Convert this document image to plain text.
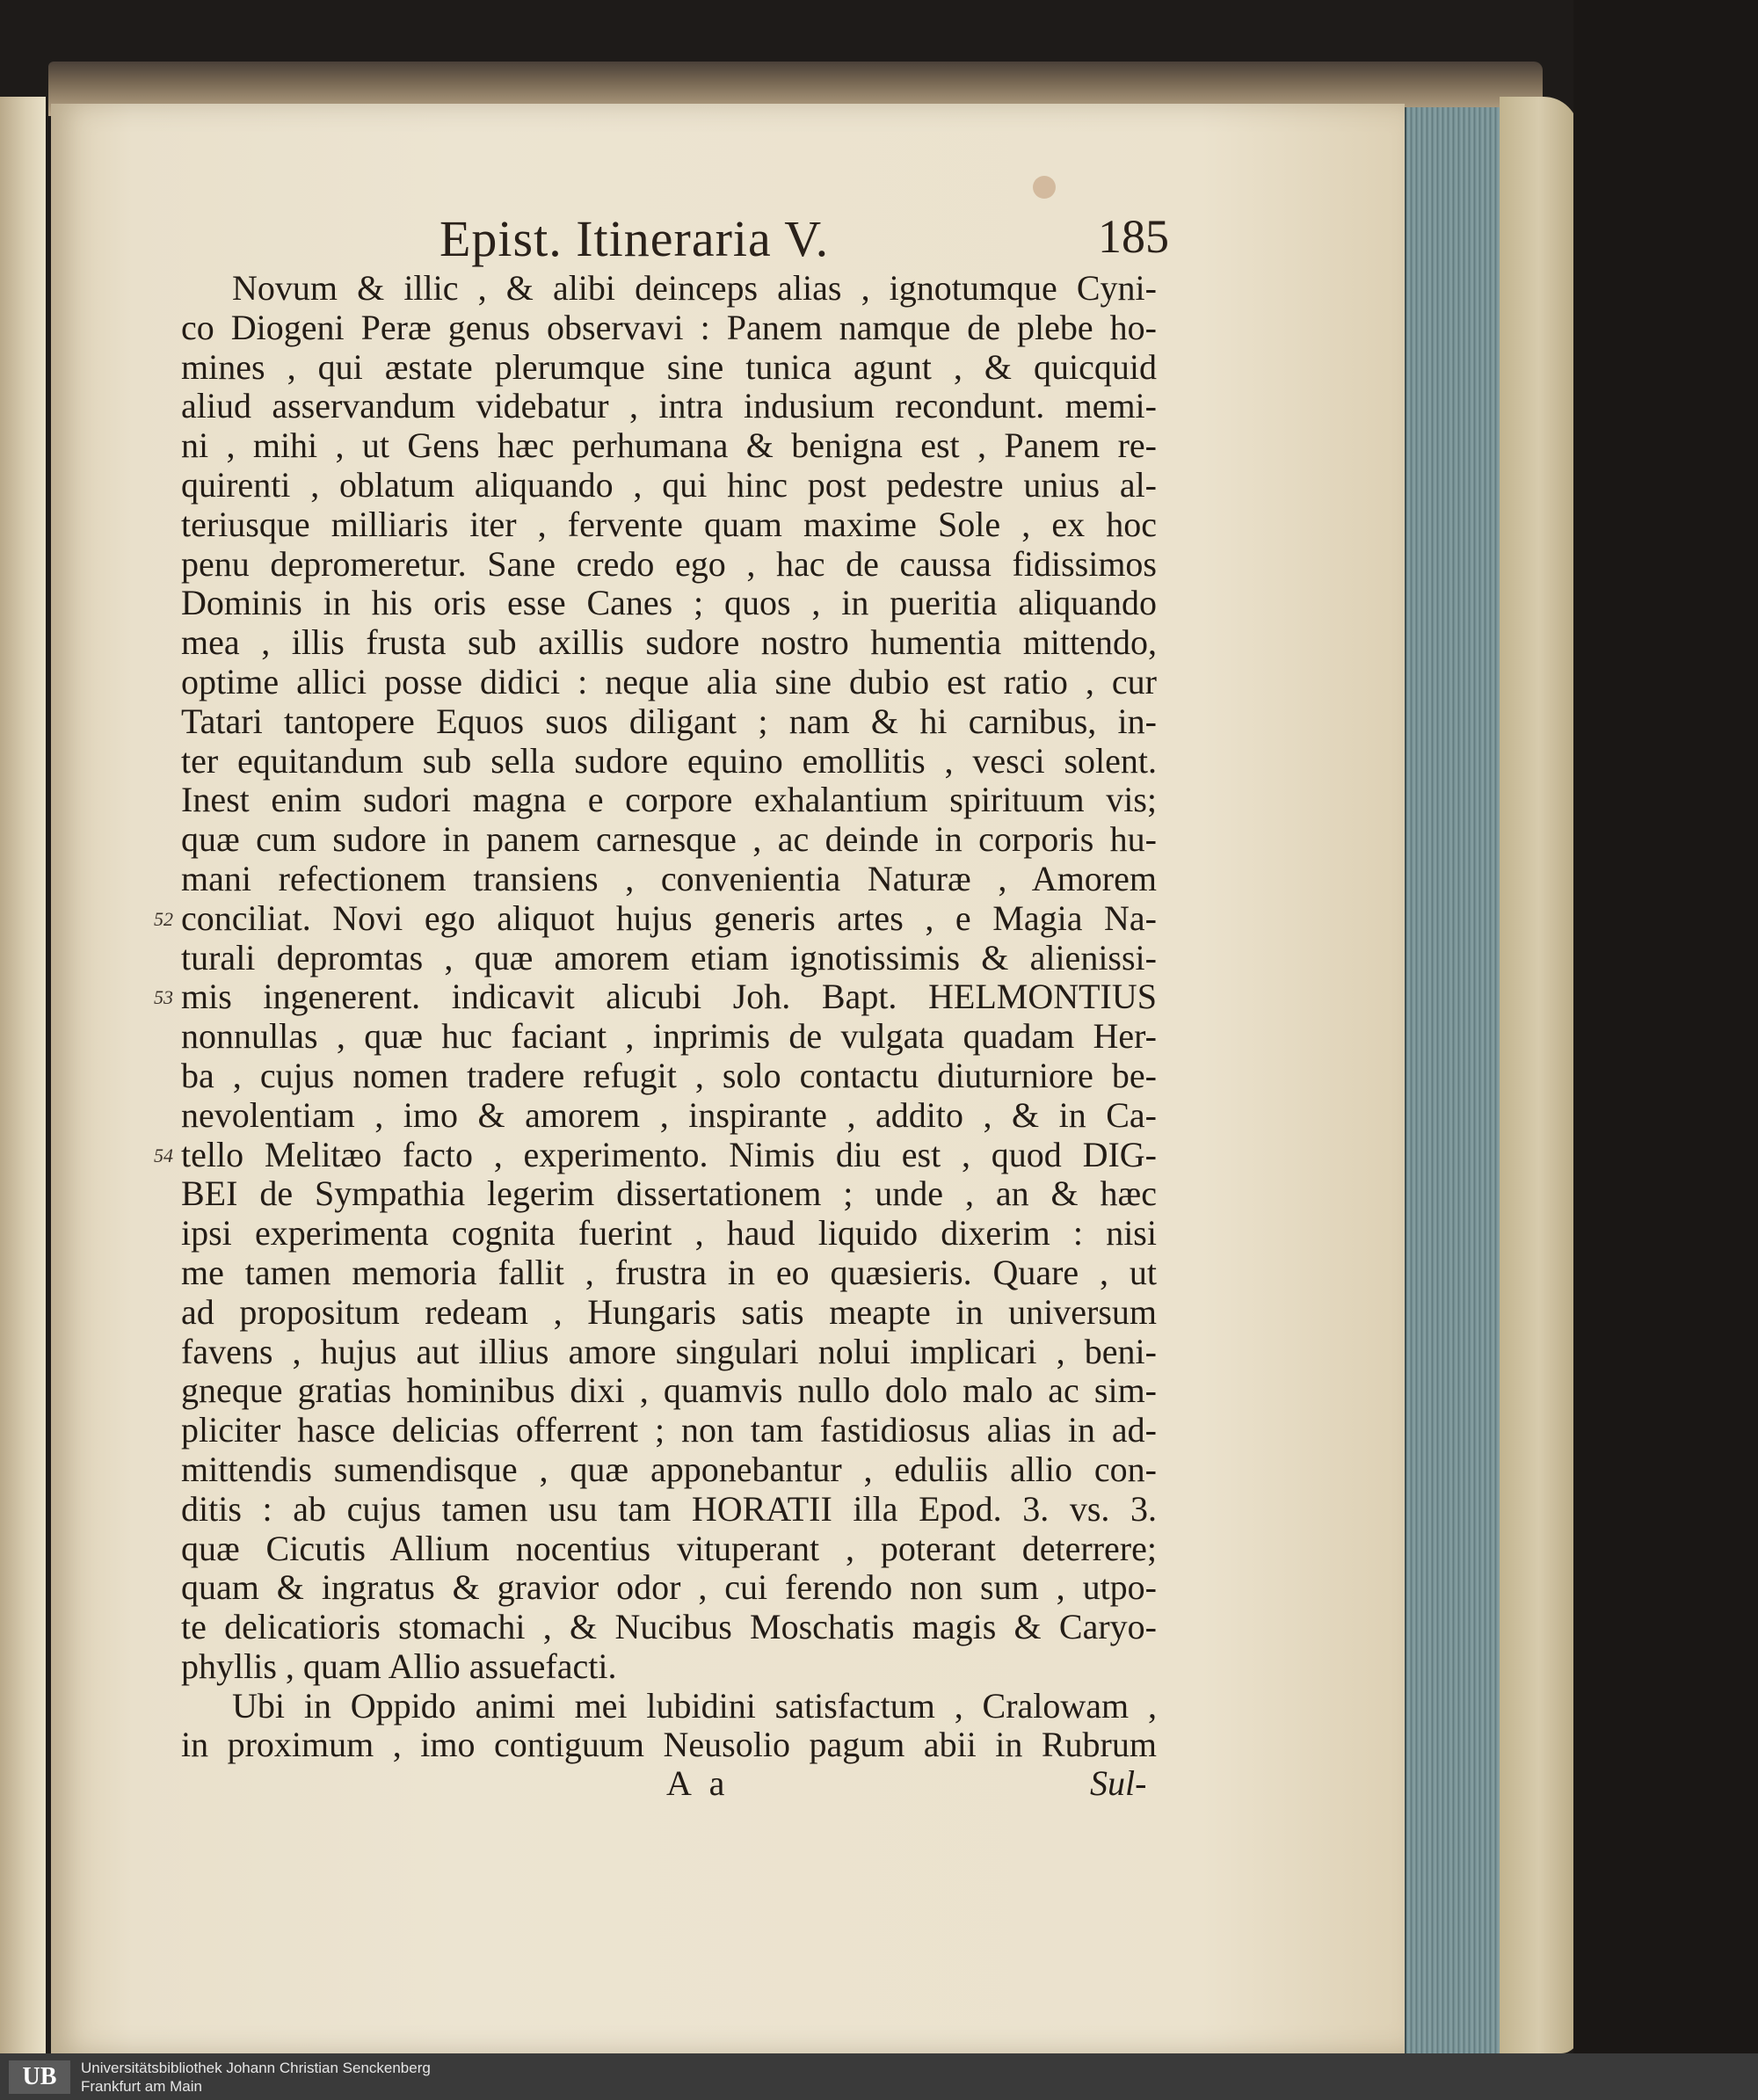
Epist. Itineraria V.	185
Novum & illic , & alibi deinceps alias , ignotumque Cyni-
co Diogeni Peræ genus observavi : Panem namque de plebe ho-
mines , qui æstate plerumque sine tunica agunt , & quicquid
aliud asservandum videbatur , intra indusium recondunt. memi-
ni , mihi , ut Gens hæc perhumana & benigna est , Panem re-
quirenti , oblatum aliquando , qui hinc post pedestre unius al-
teriusque milliaris iter , fervente quam maxime Sole , ex hoc
penu depromeretur. Sane credo ego , hac de caussa fidissimos
Dominis in his oris esse Canes ; quos , in pueritia aliquando
mea , illis frusta sub axillis sudore nostro humentia mittendo,
optime allici posse didici : neque alia sine dubio est ratio , cur
Tatari tantopere Equos suos diligant ; nam & hi carnibus, in-
ter equitandum sub sella sudore equino emollitis , vesci solent.
Inest enim sudori magna e corpore exhalantium spirituum vis;
quæ cum sudore in panem carnesque , ac deinde in corporis hu-
mani refectionem transiens , convenientia Naturæ , Amorem
conciliat. Novi ego aliquot hujus generis artes , e Magia Na-
turali depromtas , quæ amorem etiam ignotissimis & alienissi-
mis ingenerent. indicavit alicubi Joh. Bapt. HELMONTIUS
nonnullas , quæ huc faciant , inprimis de vulgata quadam Her-
ba , cujus nomen tradere refugit , solo contactu diuturniore be-
nevolentiam , imo & amorem , inspirante , addito , & in Ca-
tello Melitæo facto , experimento. Nimis diu est , quod DIG-
BEI de Sympathia legerim dissertationem ; unde , an & hæc
ipsi experimenta cognita fuerint , haud liquido dixerim : nisi
me tamen memoria fallit , frustra in eo quæsieris. Quare , ut
ad propositum redeam , Hungaris satis meapte in universum
favens , hujus aut illius amore singulari nolui implicari , beni-
gneque gratias hominibus dixi , quamvis nullo dolo malo ac sim-
pliciter hasce delicias offerrent ; non tam fastidiosus alias in ad-
mittendis sumendisque , quæ apponebantur , eduliis allio con-
ditis : ab cujus tamen usu tam HORATII illa Epod. 3. vs. 3.
quæ Cicutis Allium nocentius vituperant , poterant deterrere;
quam & ingratus & gravior odor , cui ferendo non sum , utpo-
te delicatioris stomachi , & Nucibus Moschatis magis & Caryo-
phyllis , quam Allio assuefacti.
Ubi in Oppido animi mei lubidini satisfactum , Cralowam ,
in proximum , imo contiguum Neusolio pagum abii in Rubrum
52
53
54
A a	Sul-
UB	Universitätsbibliothek Johann Christian Senckenberg
Frankfurt am Main
